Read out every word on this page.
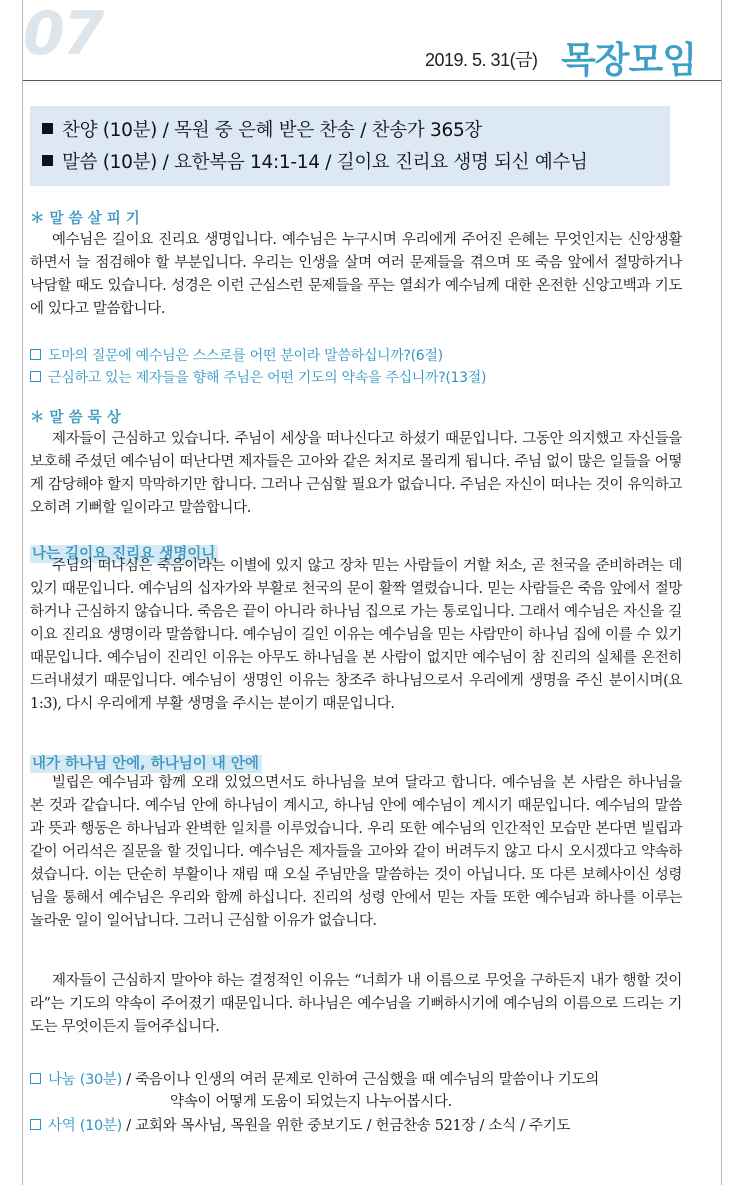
07	2019. 5. 31(금) 목장모임
찬양 (10분) / 목원 중 은혜 받은 찬송 / 찬송가 365장
말씀 (10분) / 요한복음 14:1-14 / 길이요 진리요 생명 되신 예수님
＊ 말 씀 살 피 기

예수님은 길이요 진리요 생명입니다. 예수님은 누구시며 우리에게 주어진 은혜는 무엇인지는 신앙생활하면서 늘 점검해야 할 부분입니다. 우리는 인생을 살며 여러 문제들을 겪으며 또 죽음 앞에서 절망하거나 낙담할 때도 있습니다. 성경은 이런 근심스런 문제들을 푸는 열쇠가 예수님께 대한 온전한 신앙고백과 기도에 있다고 말씀합니다.

도마의 질문에 예수님은 스스로를 어떤 분이라 말씀하십니까?(6절)
근심하고 있는 제자들을 향해 주님은 어떤 기도의 약속을 주십니까?(13절)
＊ 말 씀 묵 상

제자들이 근심하고 있습니다. 주님이 세상을 떠나신다고 하셨기 때문입니다. 그동안 의지했고 자신들을 보호해 주셨던 예수님이 떠난다면 제자들은 고아와 같은 처지로 몰리게 됩니다. 주님 없이 많은 일들을 어떻게 감당해야 할지 막막하기만 합니다. 그러나 근심할 필요가 없습니다. 주님은 자신이 떠나는 것이 유익하고 오히려 기뻐할 일이라고 말씀합니다.

나는 길이요 진리요 생명이니

주님의 떠나심은 죽음이라는 이별에 있지 않고 장차 믿는 사람들이 거할 처소, 곧 천국을 준비하려는 데 있기 때문입니다. 예수님의 십자가와 부활로 천국의 문이 활짝 열렸습니다. 믿는 사람들은 죽음 앞에서 절망하거나 근심하지 않습니다. 죽음은 끝이 아니라 하나님 집으로 가는 통로입니다. 그래서 예수님은 자신을 길이요 진리요 생명이라 말씀합니다. 예수님이 길인 이유는 예수님을 믿는 사람만이 하나님 집에 이를 수 있기 때문입니다. 예수님이 진리인 이유는 아무도 하나님을 본 사람이 없지만 예수님이 참 진리의 실체를 온전히 드러내셨기 때문입니다. 예수님이 생명인 이유는 창조주 하나님으로서 우리에게 생명을 주신 분이시며(요 1:3), 다시 우리에게 부활 생명을 주시는 분이기 때문입니다.

내가 하나님 안에, 하나님이 내 안에

빌립은 예수님과 함께 오래 있었으면서도 하나님을 보여 달라고 합니다. 예수님을 본 사람은 하나님을 본 것과 같습니다. 예수님 안에 하나님이 계시고, 하나님 안에 예수님이 계시기 때문입니다. 예수님의 말씀과 뜻과 행동은 하나님과 완벽한 일치를 이루었습니다. 우리 또한 예수님의 인간적인 모습만 본다면 빌립과 같이 어리석은 질문을 할 것입니다. 예수님은 제자들을 고아와 같이 버려두지 않고 다시 오시겠다고 약속하셨습니다. 이는 단순히 부활이나 재림 때 오실 주님만을 말씀하는 것이 아닙니다. 또 다른 보혜사이신 성령님을 통해서 예수님은 우리와 함께 하십니다. 진리의 성령 안에서 믿는 자들 또한 예수님과 하나를 이루는 놀라운 일이 일어납니다. 그러니 근심할 이유가 없습니다.

제자들이 근심하지 말아야 하는 결정적인 이유는 “너희가 내 이름으로 무엇을 구하든지 내가 행할 것이라”는 기도의 약속이 주어졌기 때문입니다. 하나님은 예수님을 기뻐하시기에 예수님의 이름으로 드리는 기도는 무엇이든지 들어주십니다.

나눔 (30분) / 죽음이나 인생의 여러 문제로 인하여 근심했을 때 예수님의 말씀이나 기도의
약속이 어떻게 도움이 되었는지 나누어봅시다.
사역 (10분) / 교회와 목사님, 목원을 위한 중보기도 / 헌금찬송 521장 / 소식 / 주기도
